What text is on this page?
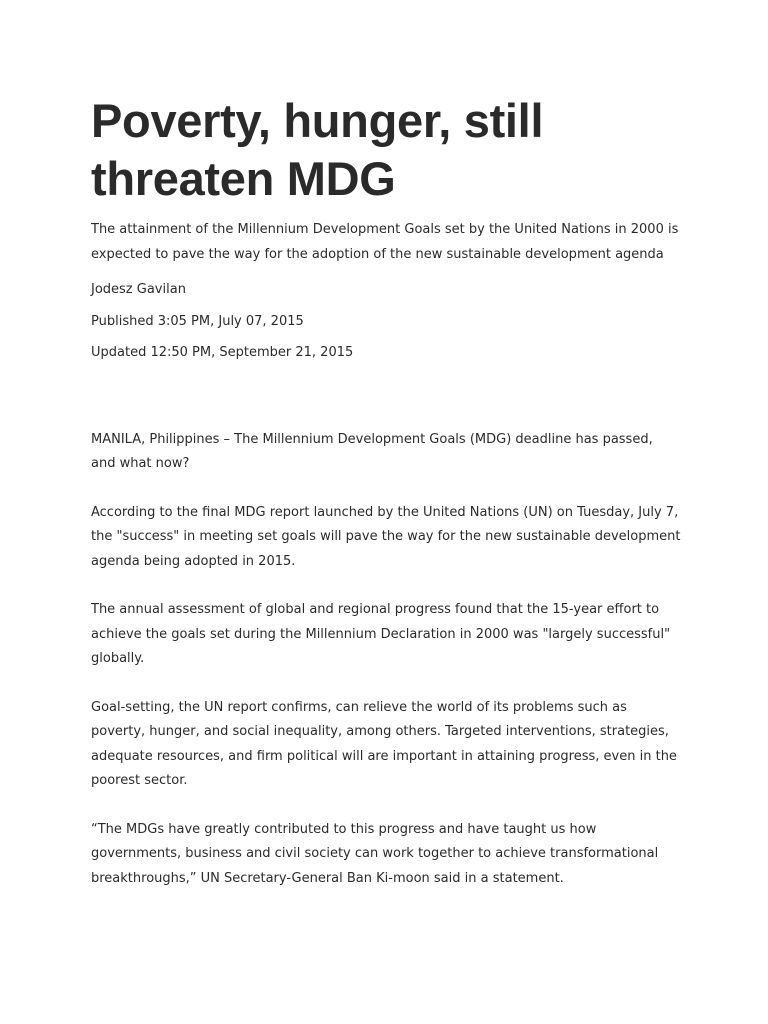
Poverty, hunger, still threaten MDG

The attainment of the Millennium Development Goals set by the United Nations in 2000 is expected to pave the way for the adoption of the new sustainable development agenda

Jodesz Gavilan

Published 3:05 PM, July 07, 2015

Updated 12:50 PM, September 21, 2015

MANILA, Philippines – The Millennium Development Goals (MDG) deadline has passed, and what now?

According to the final MDG report launched by the United Nations (UN) on Tuesday, July 7, the "success" in meeting set goals will pave the way for the new sustainable development agenda being adopted in 2015.

The annual assessment of global and regional progress found that the 15-year effort to achieve the goals set during the Millennium Declaration in 2000 was "largely successful" globally.

Goal-setting, the UN report confirms, can relieve the world of its problems such as poverty, hunger, and social inequality, among others. Targeted interventions, strategies, adequate resources, and firm political will are important in attaining progress, even in the poorest sector.

“The MDGs have greatly contributed to this progress and have taught us how governments, business and civil society can work together to achieve transformational breakthroughs,” UN Secretary-General Ban Ki-moon said in a statement.
